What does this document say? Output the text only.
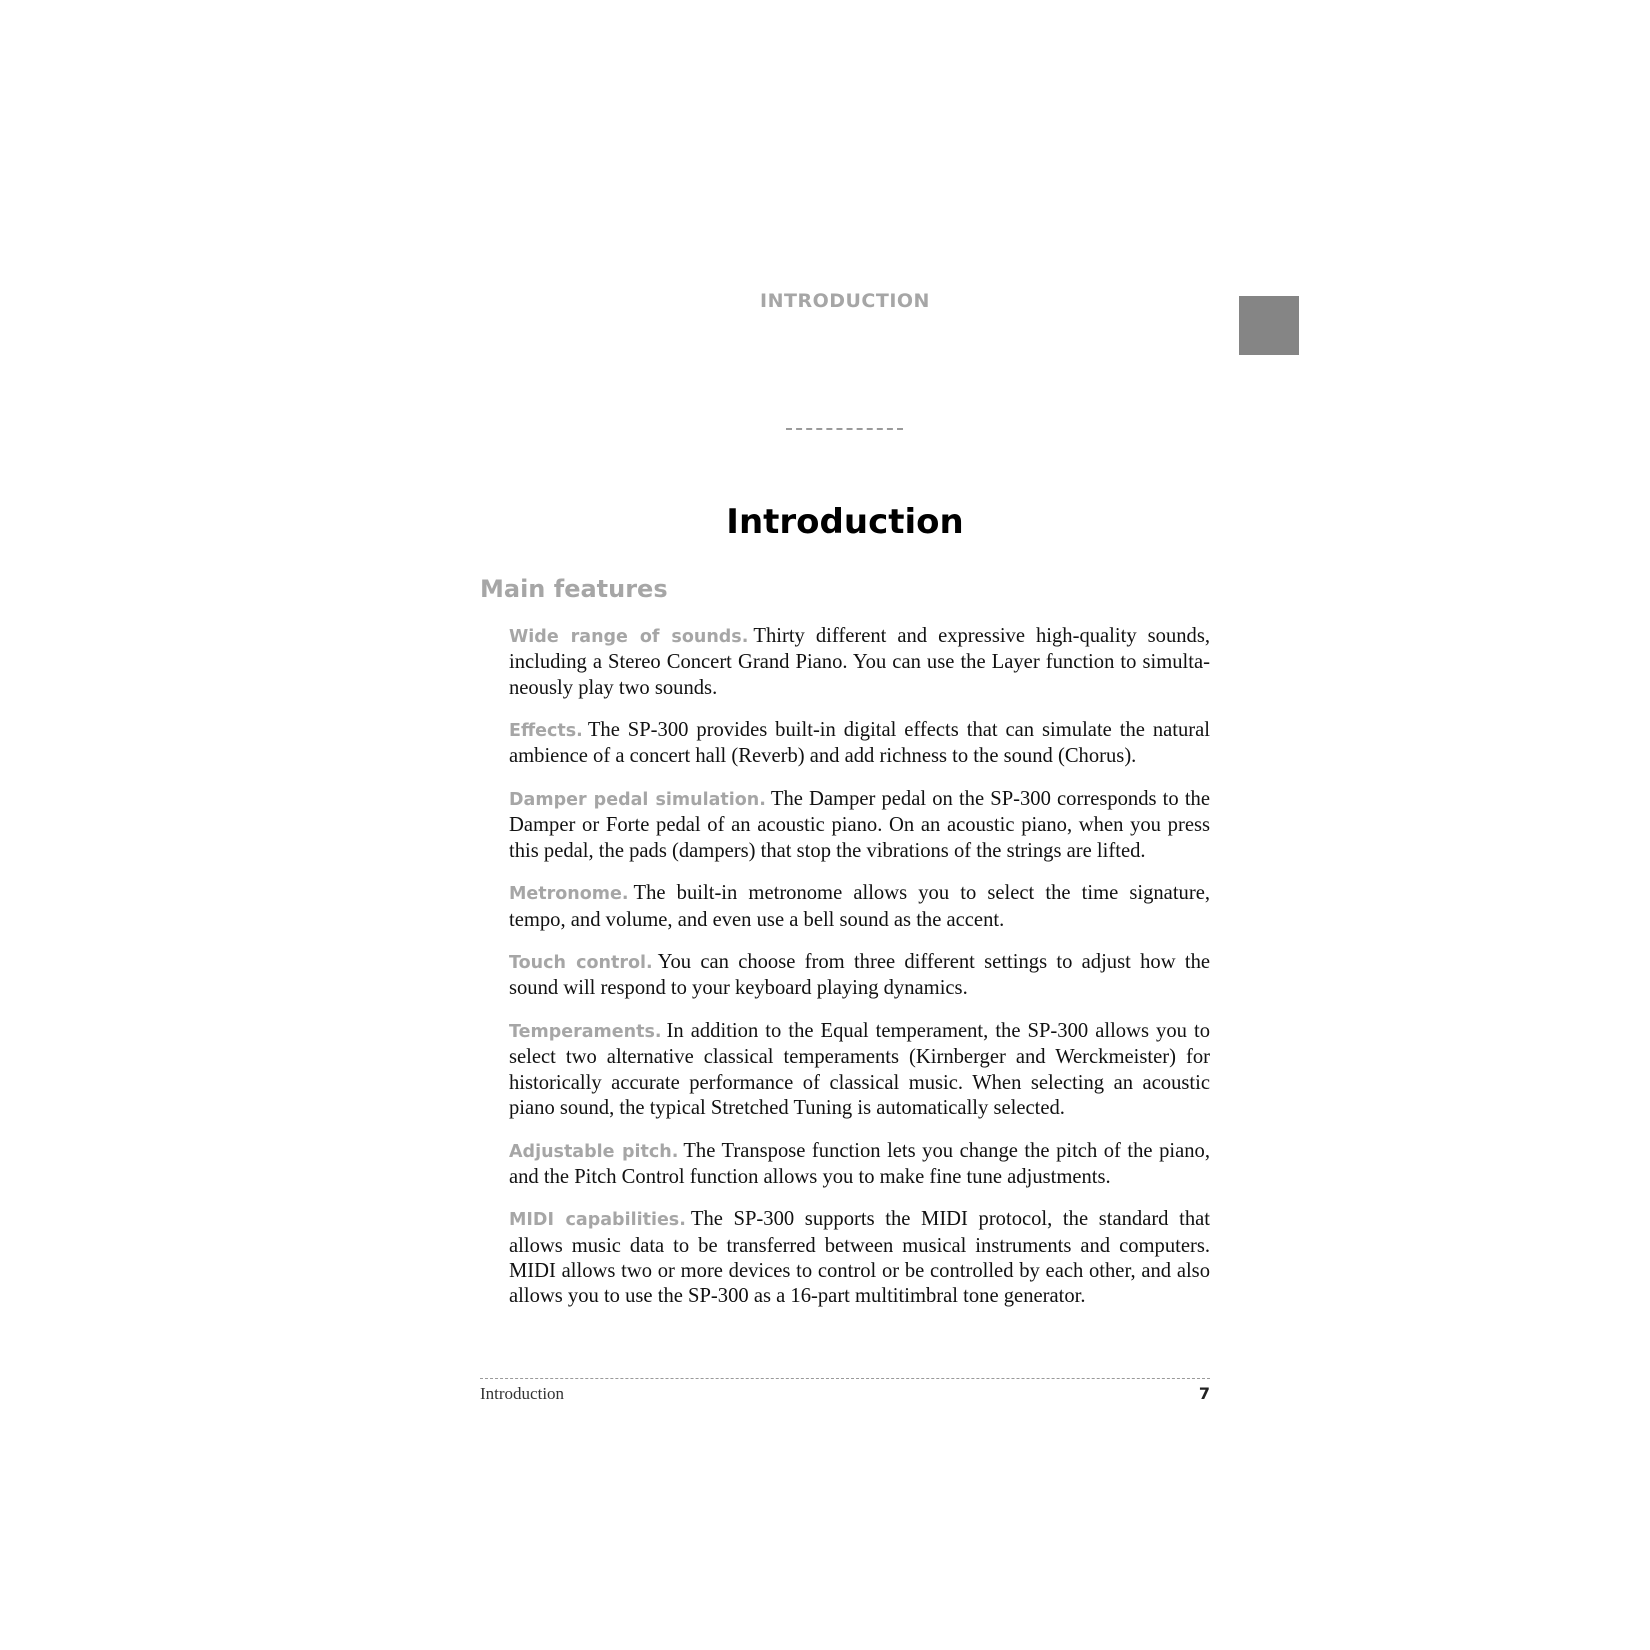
INTRODUCTION
Introduction
Main features

Wide range of sounds. Thirty different and expressive high-quality sounds, including a Stereo Concert Grand Piano. You can use the Layer function to simultaneously play two sounds.

Effects. The SP-300 provides built-in digital effects that can simulate the natural ambience of a concert hall (Reverb) and add richness to the sound (Chorus).

Damper pedal simulation. The Damper pedal on the SP-300 corresponds to the Damper or Forte pedal of an acoustic piano. On an acoustic piano, when you press this pedal, the pads (dampers) that stop the vibrations of the strings are lifted.

Metronome. The built-in metronome allows you to select the time signature, tempo, and volume, and even use a bell sound as the accent.

Touch control. You can choose from three different settings to adjust how the sound will respond to your keyboard playing dynamics.

Temperaments. In addition to the Equal temperament, the SP-300 allows you to select two alternative classical temperaments (Kirnberger and Werckmeister) for historically accurate performance of classical music. When selecting an acoustic piano sound, the typical Stretched Tuning is automatically selected.

Adjustable pitch. The Transpose function lets you change the pitch of the piano, and the Pitch Control function allows you to make fine tune adjustments.

MIDI capabilities. The SP-300 supports the MIDI protocol, the standard that allows music data to be transferred between musical instruments and computers. MIDI allows two or more devices to control or be controlled by each other, and also allows you to use the SP-300 as a 16-part multitimbral tone generator.

Introduction	7
